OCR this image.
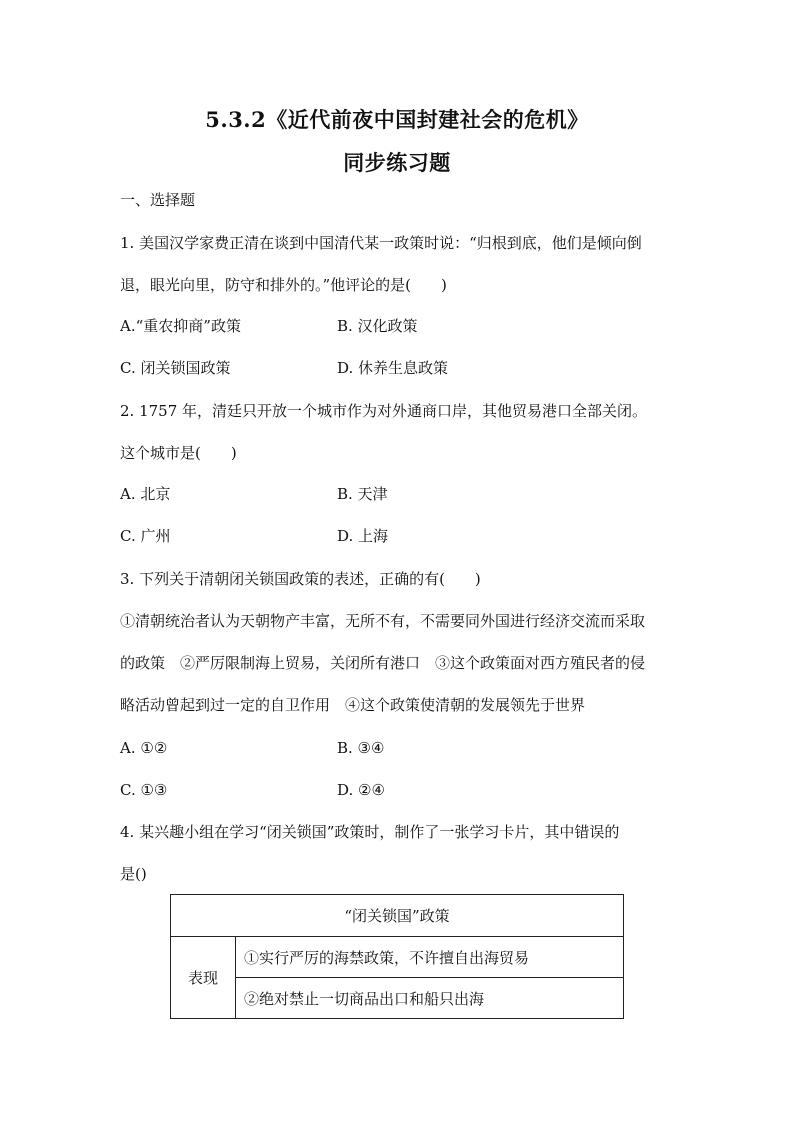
5.3.2《近代前夜中国封建社会的危机》
同步练习题
一、选择题
1. 美国汉学家费正清在谈到中国清代某一政策时说：“归根到底，他们是倾向倒
退，眼光向里，防守和排外的。”他评论的是(　　)
A.“重农抑商”政策	B. 汉化政策
C. 闭关锁国政策	D. 休养生息政策
2. 1757 年，清廷只开放一个城市作为对外通商口岸，其他贸易港口全部关闭。
这个城市是(　　)
A. 北京	B. 天津
C. 广州	D. 上海
3. 下列关于清朝闭关锁国政策的表述，正确的有(　　)
①清朝统治者认为天朝物产丰富，无所不有，不需要同外国进行经济交流而采取
的政策　②严厉限制海上贸易，关闭所有港口　③这个政策面对西方殖民者的侵
略活动曾起到过一定的自卫作用　④这个政策使清朝的发展领先于世界
A. ①②	B. ③④
C. ①③	D. ②④
4. 某兴趣小组在学习“闭关锁国”政策时，制作了一张学习卡片，其中错误的
是()
“闭关锁国”政策
表现	①实行严厉的海禁政策，不许擅自出海贸易
②绝对禁止一切商品出口和船只出海
